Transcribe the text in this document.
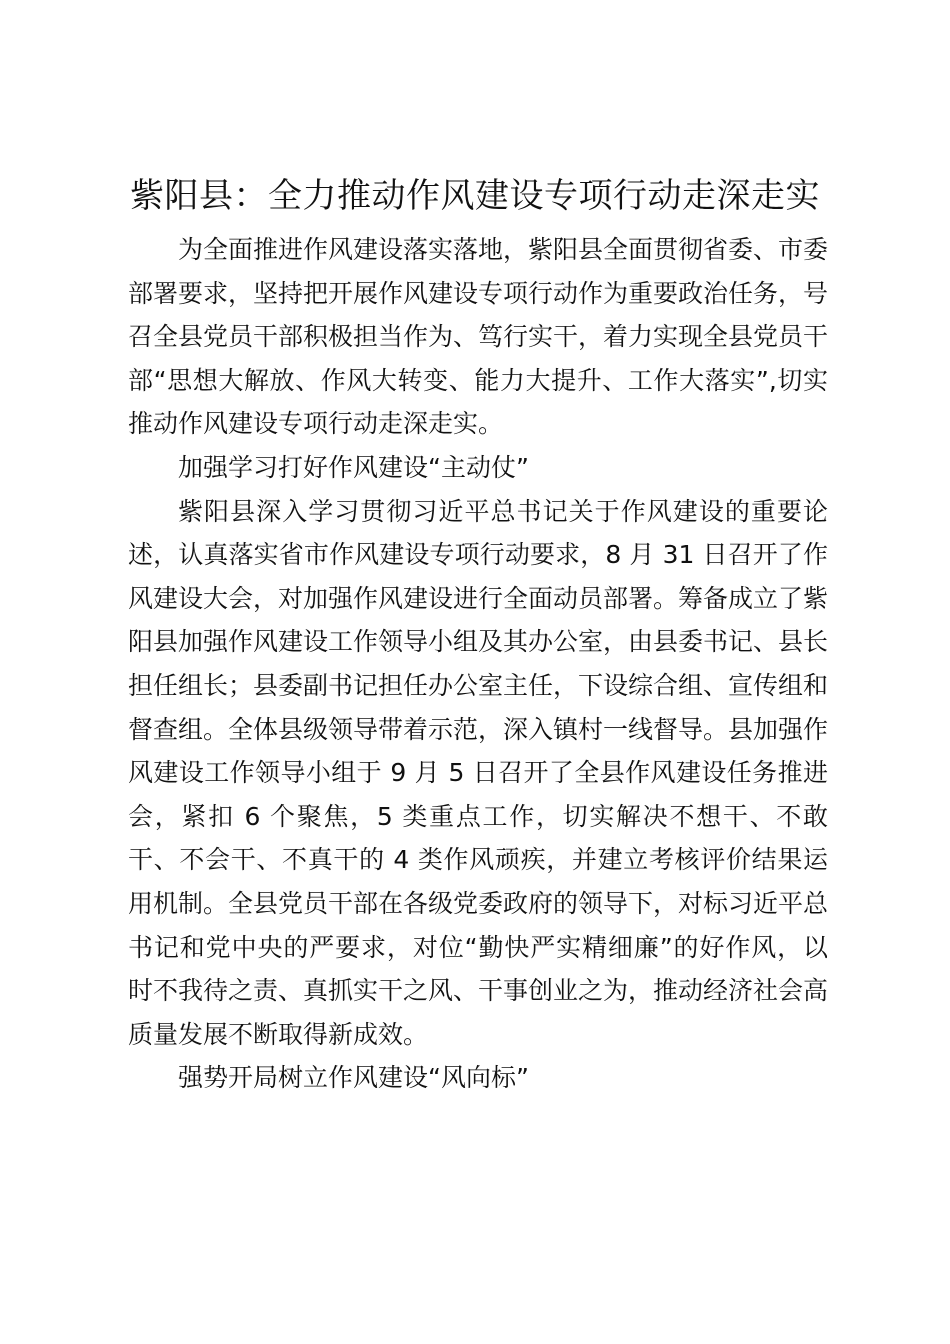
紫阳县：全力推动作风建设专项行动走深走实

为全面推进作风建设落实落地，紫阳县全面贯彻省委、市委部署要求，坚持把开展作风建设专项行动作为重要政治任务，号召全县党员干部积极担当作为、笃行实干，着力实现全县党员干部“思想大解放、作风大转变、能力大提升、工作大落实”,切实推动作风建设专项行动走深走实。

加强学习打好作风建设“主动仗”

紫阳县深入学习贯彻习近平总书记关于作风建设的重要论述，认真落实省市作风建设专项行动要求，8 月 31 日召开了作风建设大会，对加强作风建设进行全面动员部署。筹备成立了紫阳县加强作风建设工作领导小组及其办公室，由县委书记、县长担任组长；县委副书记担任办公室主任，下设综合组、宣传组和督查组。全体县级领导带着示范，深入镇村一线督导。县加强作风建设工作领导小组于 9 月 5 日召开了全县作风建设任务推进会，紧扣 6 个聚焦，5 类重点工作，切实解决不想干、不敢干、不会干、不真干的 4 类作风顽疾，并建立考核评价结果运用机制。全县党员干部在各级党委政府的领导下，对标习近平总书记和党中央的严要求，对位“勤快严实精细廉”的好作风，以时不我待之责、真抓实干之风、干事创业之为，推动经济社会高质量发展不断取得新成效。

强势开局树立作风建设“风向标”
